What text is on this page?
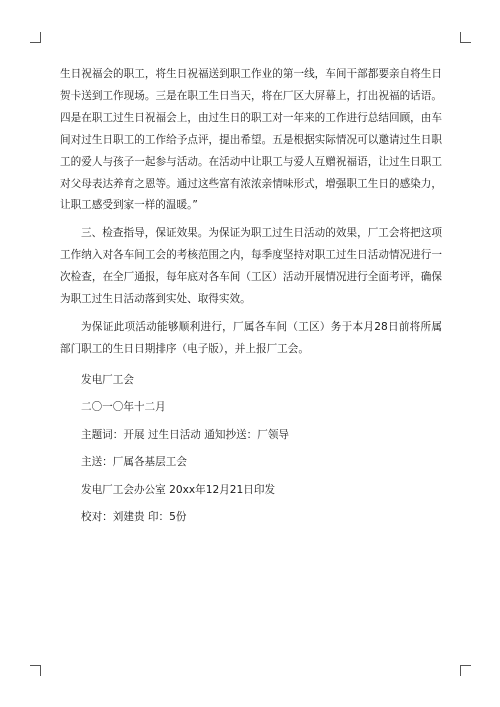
生日祝福会的职工，将生日祝福送到职工作业的第一线，车间干部都要亲自将生日贺卡送到工作现场。三是在职工生日当天，将在厂区大屏幕上，打出祝福的话语。四是在职工过生日祝福会上，由过生日的职工对一年来的工作进行总结回顾，由车间对过生日职工的工作给予点评，提出希望。五是根据实际情况可以邀请过生日职工的爱人与孩子一起参与活动。在活动中让职工与爱人互赠祝福语，让过生日职工对父母表达养育之恩等。通过这些富有浓浓亲情味形式，增强职工生日的感染力，让职工感受到家一样的温暖。”

三、检查指导，保证效果。为保证为职工过生日活动的效果，厂工会将把这项工作纳入对各车间工会的考核范围之内，每季度坚持对职工过生日活动情况进行一次检查，在全厂通报，每年底对各车间（工区）活动开展情况进行全面考评，确保为职工过生日活动落到实处、取得实效。

为保证此项活动能够顺利进行，厂属各车间（工区）务于本月28日前将所属部门职工的生日日期排序（电子版），并上报厂工会。

发电厂工会

二〇一〇年十二月

主题词：开展 过生日活动 通知抄送：厂领导

主送：厂属各基层工会

发电厂工会办公室 20xx年12月21日印发

校对：刘建贵 印：5份
